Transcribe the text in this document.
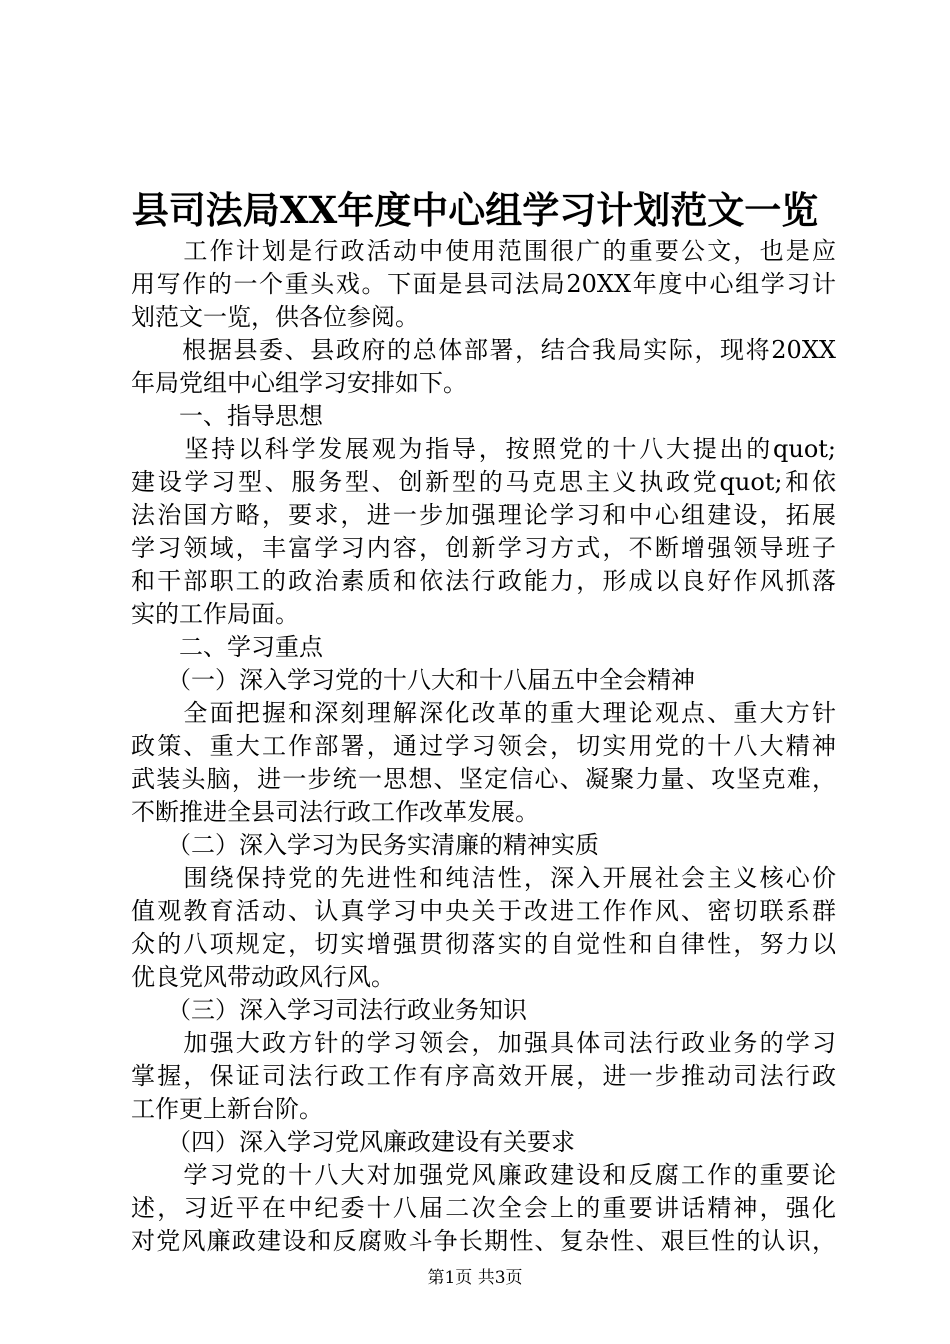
县司法局XX年度中心组学习计划范文一览
　　工作计划是行政活动中使用范围很广的重要公文，也是应
用写作的一个重头戏。下面是县司法局20XX年度中心组学习计
划范文一览，供各位参阅。
　　根据县委、县政府的总体部署，结合我局实际，现将20XX
年局党组中心组学习安排如下。
　　一、指导思想
　　坚持以科学发展观为指导，按照党的十八大提出的quot;
建设学习型、服务型、创新型的马克思主义执政党quot;和依
法治国方略，要求，进一步加强理论学习和中心组建设，拓展
学习领域，丰富学习内容，创新学习方式，不断增强领导班子
和干部职工的政治素质和依法行政能力，形成以良好作风抓落
实的工作局面。
　　二、学习重点
　　（一）深入学习党的十八大和十八届五中全会精神
　　全面把握和深刻理解深化改革的重大理论观点、重大方针
政策、重大工作部署，通过学习领会，切实用党的十八大精神
武装头脑，进一步统一思想、坚定信心、凝聚力量、攻坚克难，
不断推进全县司法行政工作改革发展。
　　（二）深入学习为民务实清廉的精神实质
　　围绕保持党的先进性和纯洁性，深入开展社会主义核心价
值观教育活动、认真学习中央关于改进工作作风、密切联系群
众的八项规定，切实增强贯彻落实的自觉性和自律性，努力以
优良党风带动政风行风。
　　（三）深入学习司法行政业务知识
　　加强大政方针的学习领会，加强具体司法行政业务的学习
掌握，保证司法行政工作有序高效开展，进一步推动司法行政
工作更上新台阶。
　　（四）深入学习党风廉政建设有关要求
　　学习党的十八大对加强党风廉政建设和反腐工作的重要论
述，习近平在中纪委十八届二次全会上的重要讲话精神，强化
对党风廉政建设和反腐败斗争长期性、复杂性、艰巨性的认识，
第1页 共3页
